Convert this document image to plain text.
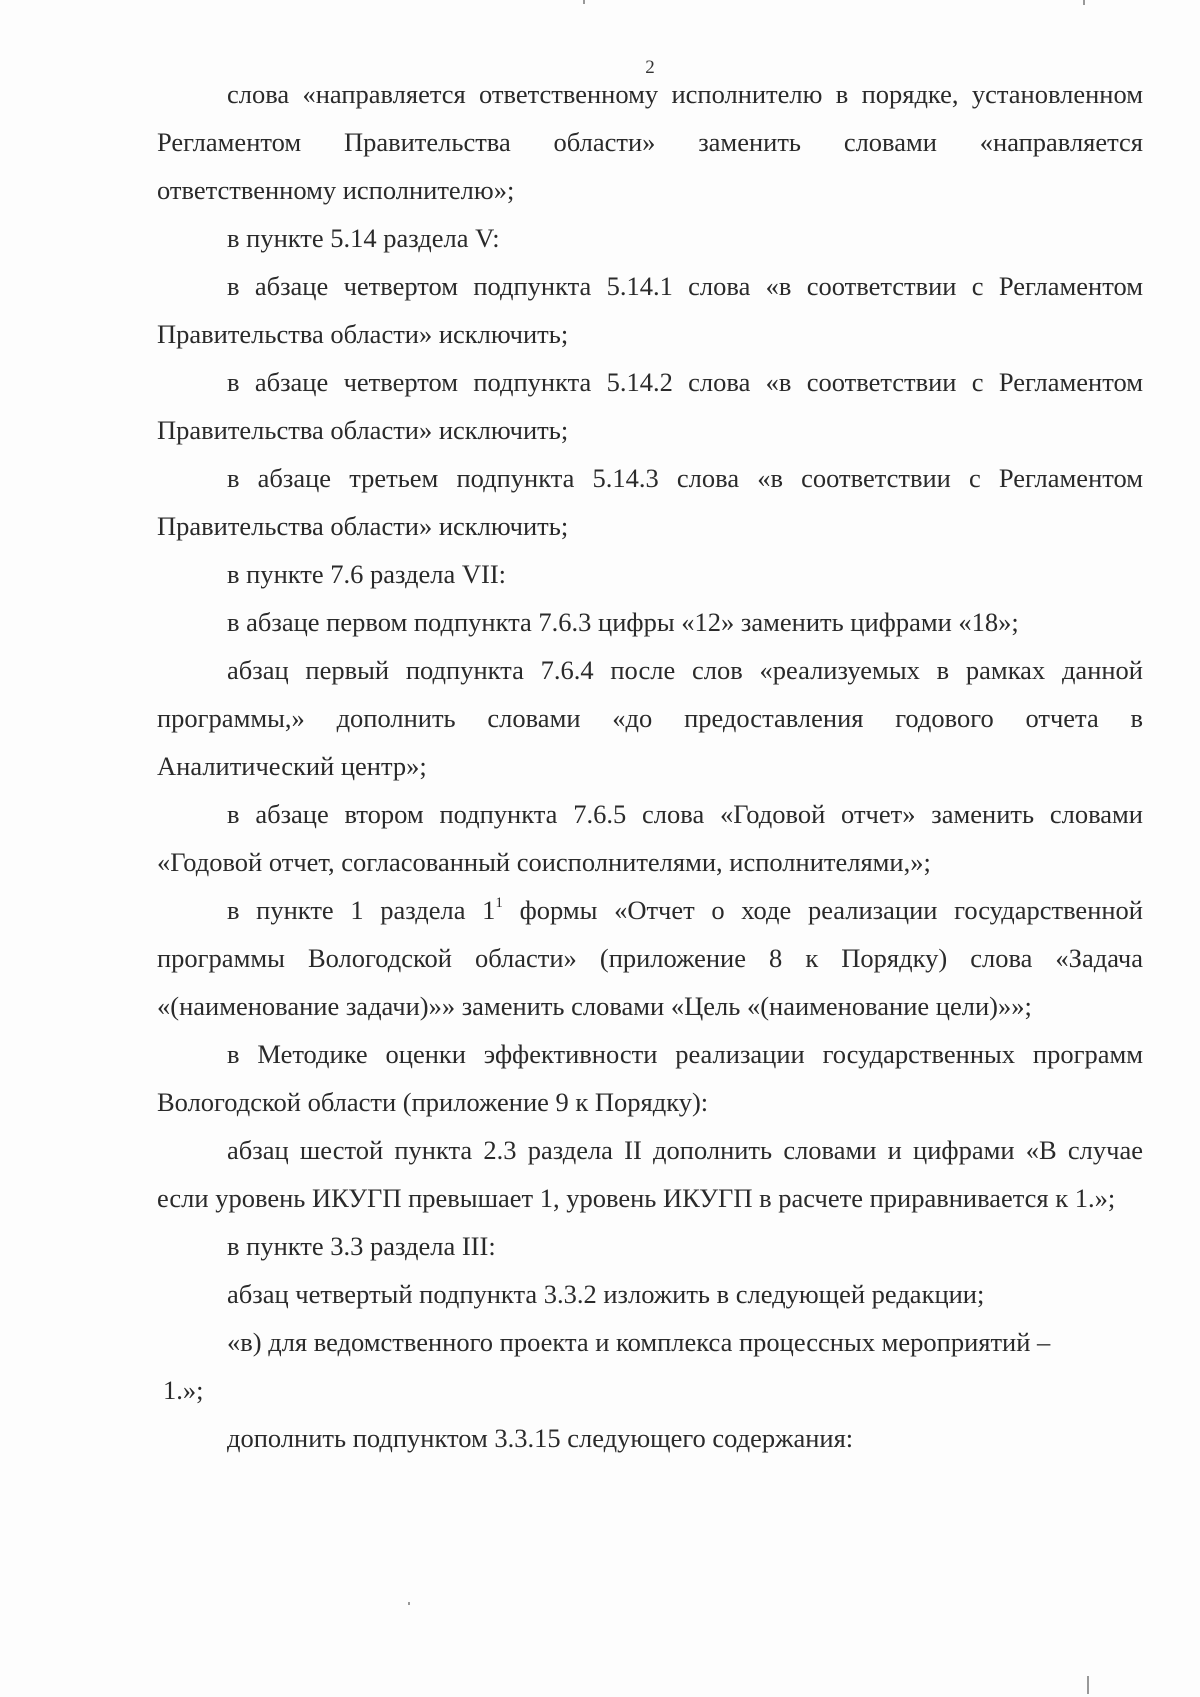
2

слова «направляется ответственному исполнителю в порядке, установленном Регламентом Правительства области» заменить словами «направляется ответственному исполнителю»;

в пункте 5.14 раздела V:

в абзаце четвертом подпункта 5.14.1 слова «в соответствии с Регламентом Правительства области» исключить;

в абзаце четвертом подпункта 5.14.2 слова «в соответствии с Регламентом Правительства области» исключить;

в абзаце третьем подпункта 5.14.3 слова «в соответствии с Регламентом Правительства области» исключить;

в пункте 7.6 раздела VII:

в абзаце первом подпункта 7.6.3 цифры «12» заменить цифрами «18»;

абзац первый подпункта 7.6.4 после слов «реализуемых в рамках данной программы,» дополнить словами «до предоставления годового отчета в Аналитический центр»;

в абзаце втором подпункта 7.6.5 слова «Годовой отчет» заменить словами «Годовой отчет, согласованный соисполнителями, исполнителями,»;

в пункте 1 раздела $1^1$ формы «Отчет о ходе реализации государственной программы Вологодской области» (приложение 8 к Порядку) слова «Задача «(наименование задачи)»» заменить словами «Цель «(наименование цели)»»;

в Методике оценки эффективности реализации государственных программ Вологодской области (приложение 9 к Порядку):

абзац шестой пункта 2.3 раздела II дополнить словами и цифрами «В случае если уровень ИКУГП превышает 1, уровень ИКУГП в расчете приравнивается к 1.»;

в пункте 3.3 раздела III:

абзац четвертый подпункта 3.3.2 изложить в следующей редакции;

«в) для ведомственного проекта и комплекса процессных мероприятий –

1.»;

дополнить подпунктом 3.3.15 следующего содержания:
